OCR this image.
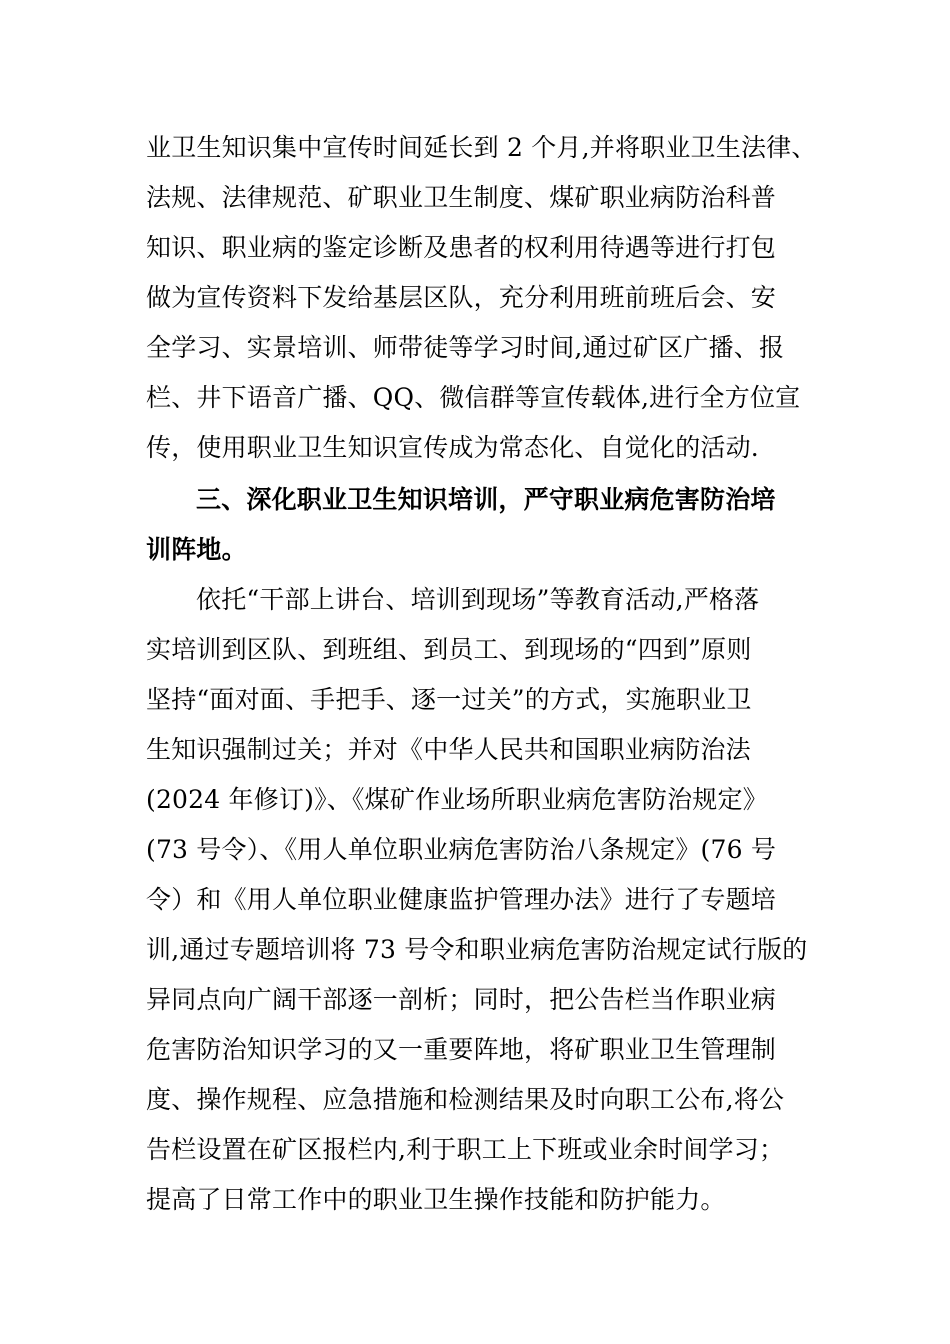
业卫生知识集中宣传时间延长到 2 个月,并将职业卫生法律、
法规、法律规范、矿职业卫生制度、煤矿职业病防治科普
知识、职业病的鉴定诊断及患者的权利用待遇等进行打包
做为宣传资料下发给基层区队，充分利用班前班后会、安
全学习、实景培训、师带徒等学习时间,通过矿区广播、报
栏、井下语音广播、QQ、微信群等宣传载体,进行全方位宣
传，使用职业卫生知识宣传成为常态化、自觉化的活动.
三、深化职业卫生知识培训，严守职业病危害防治培
训阵地。
依托“干部上讲台、培训到现场”等教育活动,严格落
实培训到区队、到班组、到员工、到现场的“四到”原则
坚持“面对面、手把手、逐一过关”的方式，实施职业卫
生知识强制过关；并对《中华人民共和国职业病防治法
(2024 年修订)》、《煤矿作业场所职业病危害防治规定》
(73 号令）、《用人单位职业病危害防治八条规定》(76 号
令）和《用人单位职业健康监护管理办法》进行了专题培
训,通过专题培训将 73 号令和职业病危害防治规定试行版的
异同点向广阔干部逐一剖析；同时，把公告栏当作职业病
危害防治知识学习的又一重要阵地，将矿职业卫生管理制
度、操作规程、应急措施和检测结果及时向职工公布,将公
告栏设置在矿区报栏内,利于职工上下班或业余时间学习；
提高了日常工作中的职业卫生操作技能和防护能力。
